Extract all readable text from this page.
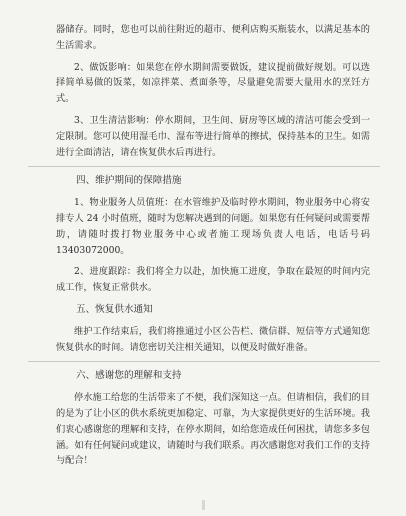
器储存。同时，您也可以前往附近的超市、便利店购买瓶装水，以满足基本的生活需求。

2、做饭影响：如果您在停水期间需要做饭，建议提前做好规划。可以选择简单易做的饭菜，如凉拌菜、煮面条等，尽量避免需要大量用水的烹饪方式。

3、卫生清洁影响：停水期间，卫生间、厨房等区域的清洁可能会受到一定限制。您可以使用湿毛巾、湿布等进行简单的擦拭，保持基本的卫生。如需进行全面清洁，请在恢复供水后再进行。

四、维护期间的保障措施

1、物业服务人员值班：在水管维护及临时停水期间，物业服务中心将安排专人 24 小时值班，随时为您解决遇到的问题。如果您有任何疑问或需要帮助，请随时拨打物业服务中心或者施工现场负责人电话，电话号码 13403072000。

2、进度跟踪：我们将全力以赴，加快施工进度，争取在最短的时间内完成工作，恢复正常供水。

五、恢复供水通知

维护工作结束后，我们将推通过小区公告栏、微信群、短信等方式通知您恢复供水的时间。请您密切关注相关通知，以便及时做好准备。

六、感谢您的理解和支持

停水施工给您的生活带来了不便，我们深知这一点。但请相信，我们的目的是为了让小区的供水系统更加稳定、可靠，为大家提供更好的生活环境。我们衷心感谢您的理解和支持，在停水期间，如给您造成任何困扰，请您多多包涵。如有任何疑问或建议，请随时与我们联系。再次感谢您对我们工作的支持与配合！
